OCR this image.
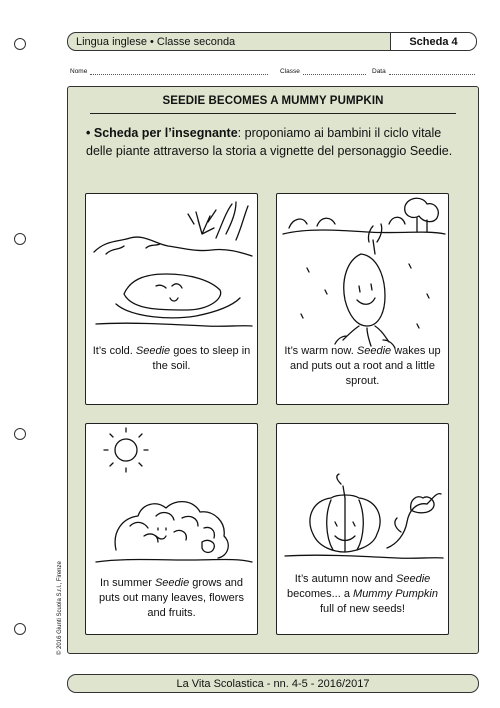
Lingua inglese • Classe seconda	Scheda 4
Nome	Classe	Data
SEEDIE BECOMES A MUMMY PUMPKIN
• Scheda per l’insegnante: proponiamo ai bambini il ciclo vitale delle piante attraverso la storia a vignette del personaggio Seedie.
It’s cold. Seedie goes to sleep in the soil.
It’s warm now. Seedie wakes up and puts out a root and a little sprout.
In summer Seedie grows and puts out many leaves, flowers and fruits.
It’s autumn now and Seedie becomes... a Mummy Pumpkin full of new seeds!
© 2016 Giunti Scuola S.r.l., Firenze
La Vita Scolastica - nn. 4-5 - 2016/2017
